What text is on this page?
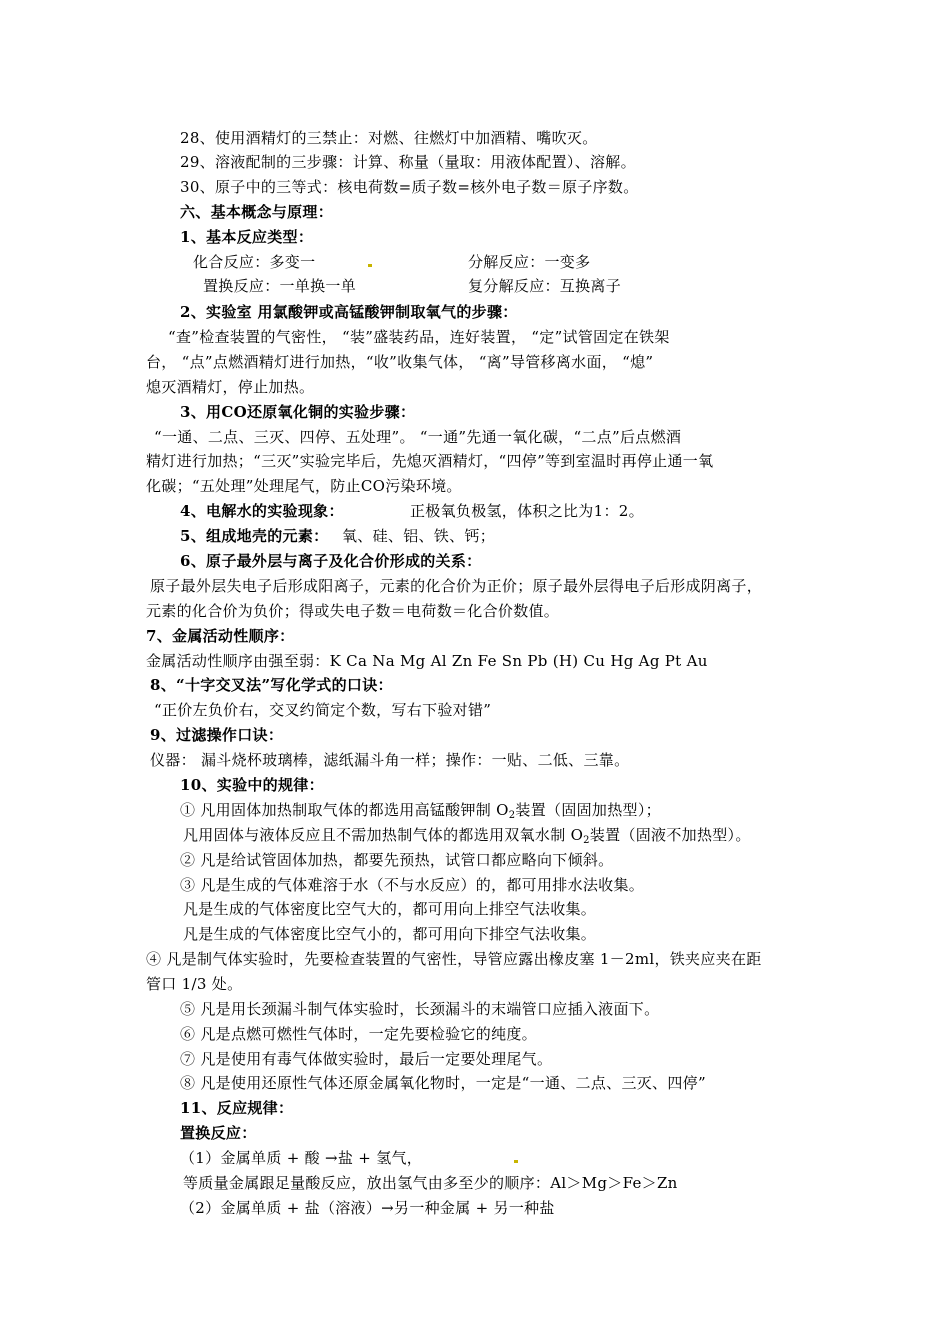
28、使用酒精灯的三禁止：对燃、往燃灯中加酒精、嘴吹灭。
29、溶液配制的三步骤：计算、称量（量取：用液体配置）、溶解。
30、原子中的三等式：核电荷数=质子数=核外电子数＝原子序数。
六、基本概念与原理：
1、基本反应类型：
化合反应：多变一	分解反应：一变多
置换反应：一单换一单	复分解反应：互换离子
2、实验室 用氯酸钾或高锰酸钾制取氧气的步骤：
“查”检查装置的气密性， “装”盛装药品，连好装置， “定”试管固定在铁架
台， “点”点燃酒精灯进行加热，“收”收集气体， “离”导管移离水面， “熄”
熄灭酒精灯，停止加热。
3、用CO还原氧化铜的实验步骤：
“一通、二点、三灭、四停、五处理”。 “一通”先通一氧化碳，“二点”后点燃酒
精灯进行加热；“三灭”实验完毕后，先熄灭酒精灯，“四停”等到室温时再停止通一氧
化碳；“五处理”处理尾气，防止CO污染环境。
4、电解水的实验现象：	正极氧负极氢，体积之比为1：2。
5、组成地壳的元素： 氧、硅、铝、铁、钙；
6、原子最外层与离子及化合价形成的关系：
原子最外层失电子后形成阳离子，元素的化合价为正价；原子最外层得电子后形成阴离子，
元素的化合价为负价；得或失电子数＝电荷数＝化合价数值。
7、金属活动性顺序：
金属活动性顺序由强至弱：K Ca Na Mg Al Zn Fe Sn Pb (H) Cu Hg Ag Pt Au
8、“十字交叉法”写化学式的口诀：
“正价左负价右，交叉约简定个数，写右下验对错”
9、过滤操作口诀：
仪器： 漏斗烧杯玻璃棒，滤纸漏斗角一样；操作：一贴、二低、三靠。
10、实验中的规律：
① 凡用固体加热制取气体的都选用高锰酸钾制 $O_2$装置（固固加热型）；
凡用固体与液体反应且不需加热制气体的都选用双氧水制 $O_2$装置（固液不加热型）。
② 凡是给试管固体加热，都要先预热，试管口都应略向下倾斜。
③ 凡是生成的气体难溶于水（不与水反应）的，都可用排水法收集。
凡是生成的气体密度比空气大的，都可用向上排空气法收集。
凡是生成的气体密度比空气小的，都可用向下排空气法收集。
④ 凡是制气体实验时，先要检查装置的气密性，导管应露出橡皮塞 1－2ml，铁夹应夹在距
管口 1/3 处。
⑤ 凡是用长颈漏斗制气体实验时，长颈漏斗的末端管口应插入液面下。
⑥ 凡是点燃可燃性气体时，一定先要检验它的纯度。
⑦ 凡是使用有毒气体做实验时，最后一定要处理尾气。
⑧ 凡是使用还原性气体还原金属氧化物时，一定是“一通、二点、三灭、四停”
11、反应规律：
置换反应：
（1）金属单质 + 酸 →盐 + 氢气，
等质量金属跟足量酸反应，放出氢气由多至少的顺序：Al＞Mg＞Fe＞Zn
（2）金属单质 + 盐（溶液）→另一种金属 + 另一种盐
